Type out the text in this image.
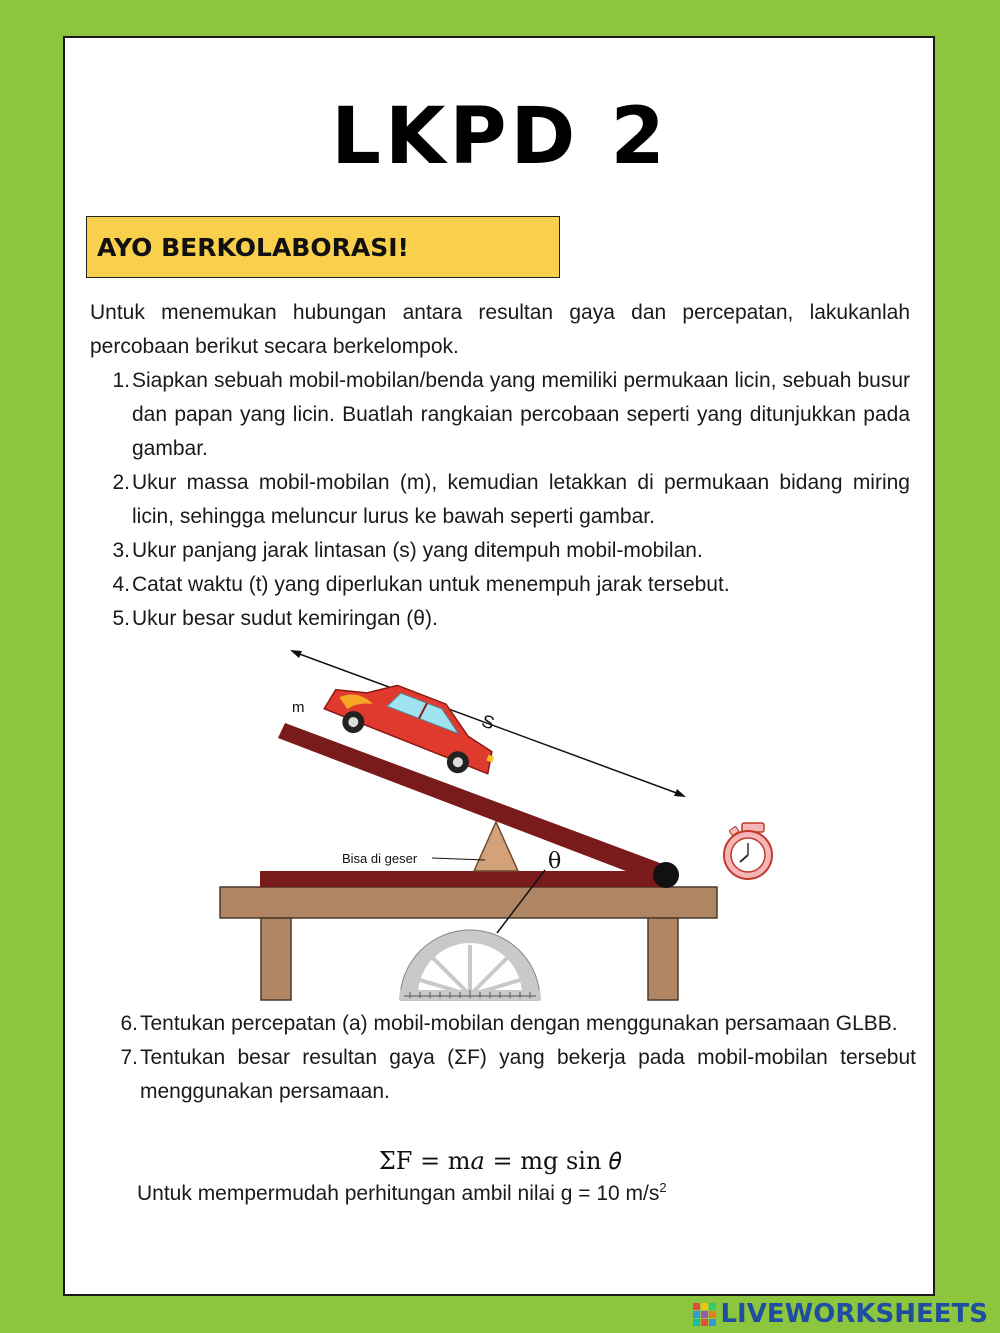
LKPD 2
AYO BERKOLABORASI!
Untuk menemukan hubungan antara resultan gaya dan percepatan, lakukanlah percobaan berikut secara berkelompok.
1. Siapkan sebuah mobil-mobilan/benda yang memiliki permukaan licin, sebuah busur dan papan yang licin. Buatlah rangkaian percobaan seperti yang ditunjukkan pada gambar.
2. Ukur massa mobil-mobilan (m), kemudian letakkan di permukaan bidang miring licin, sehingga meluncur lurus ke bawah seperti gambar.
3. Ukur panjang jarak lintasan (s) yang ditempuh mobil-mobilan.
4. Catat waktu (t) yang diperlukan untuk menempuh jarak tersebut.
5. Ukur besar sudut kemiringan (θ).
θ
Bisa di geser
S
m
6. Tentukan percepatan (a) mobil-mobilan dengan menggunakan persamaan GLBB.
7. Tentukan besar resultan gaya (ΣF) yang bekerja pada mobil-mobilan tersebut menggunakan persamaan.
ΣF = m𝑎 = mg sin 𝜃
Untuk mempermudah perhitungan ambil nilai g = 10 $m/s^2$
LIVEWORKSHEETS
